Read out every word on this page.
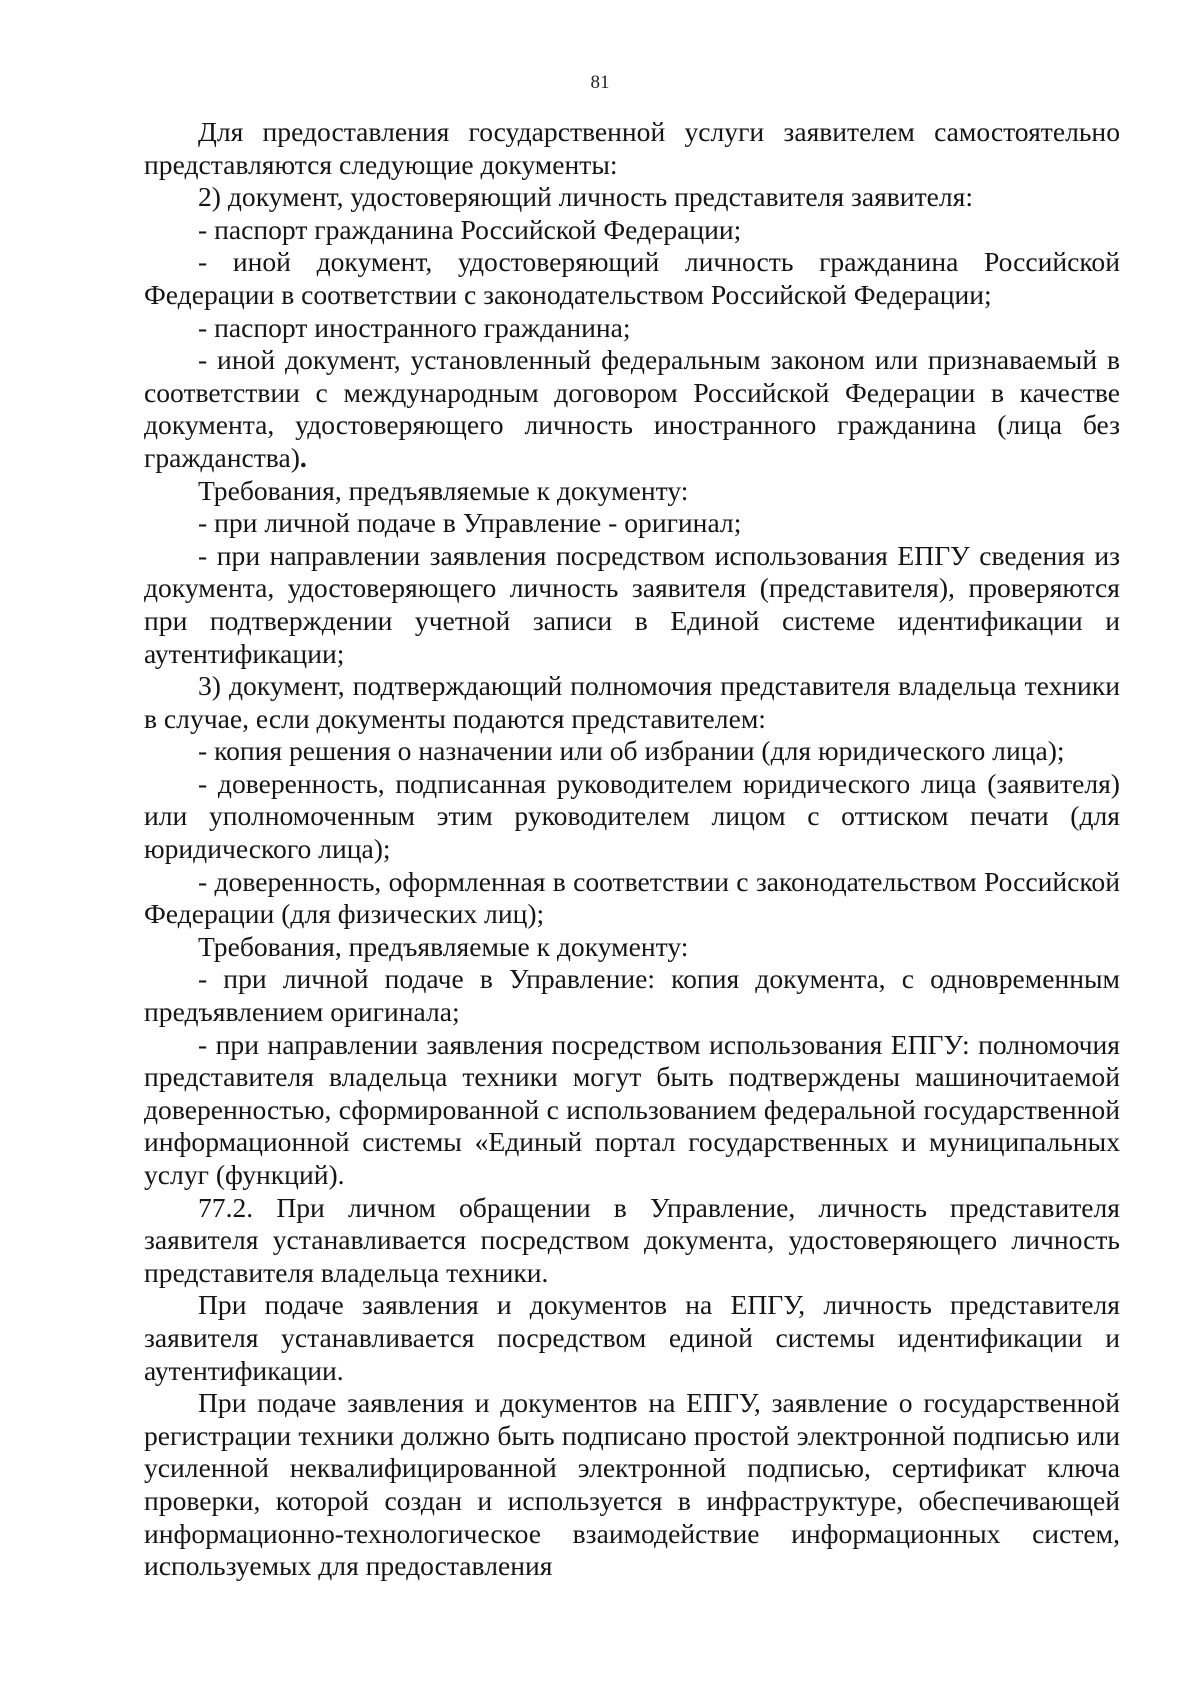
81

Для предоставления государственной услуги заявителем самостоятельно представляются следующие документы:

2) документ, удостоверяющий личность представителя заявителя:

- паспорт гражданина Российской Федерации;

- иной документ, удостоверяющий личность гражданина Российской Федерации в соответствии с законодательством Российской Федерации;

- паспорт иностранного гражданина;

- иной документ, установленный федеральным законом или признаваемый в соответствии с международным договором Российской Федерации в качестве документа, удостоверяющего личность иностранного гражданина (лица без гражданства).

Требования, предъявляемые к документу:

- при личной подаче в Управление - оригинал;

- при направлении заявления посредством использования ЕПГУ сведения из документа, удостоверяющего личность заявителя (представителя), проверяются при подтверждении учетной записи в Единой системе идентификации и аутентификации;

3) документ, подтверждающий полномочия представителя владельца техники в случае, если документы подаются представителем:

- копия решения о назначении или об избрании (для юридического лица);

- доверенность, подписанная руководителем юридического лица (заявителя) или уполномоченным этим руководителем лицом с оттиском печати (для юридического лица);

- доверенность, оформленная в соответствии с законодательством Российской Федерации (для физических лиц);

Требования, предъявляемые к документу:

- при личной подаче в Управление: копия документа, с одновременным предъявлением оригинала;

- при направлении заявления посредством использования ЕПГУ: полномочия представителя владельца техники могут быть подтверждены машиночитаемой доверенностью, сформированной с использованием федеральной государственной информационной системы «Единый портал государственных и муниципальных услуг (функций).

77.2. При личном обращении в Управление, личность представителя заявителя устанавливается посредством документа, удостоверяющего личность представителя владельца техники.

При подаче заявления и документов на ЕПГУ, личность представителя заявителя устанавливается посредством единой системы идентификации и аутентификации.

При подаче заявления и документов на ЕПГУ, заявление о государственной регистрации техники должно быть подписано простой электронной подписью или усиленной неквалифицированной электронной подписью, сертификат ключа проверки, которой создан и используется в инфраструктуре, обеспечивающей информационно-технологическое взаимодействие информационных систем, используемых для предоставления
